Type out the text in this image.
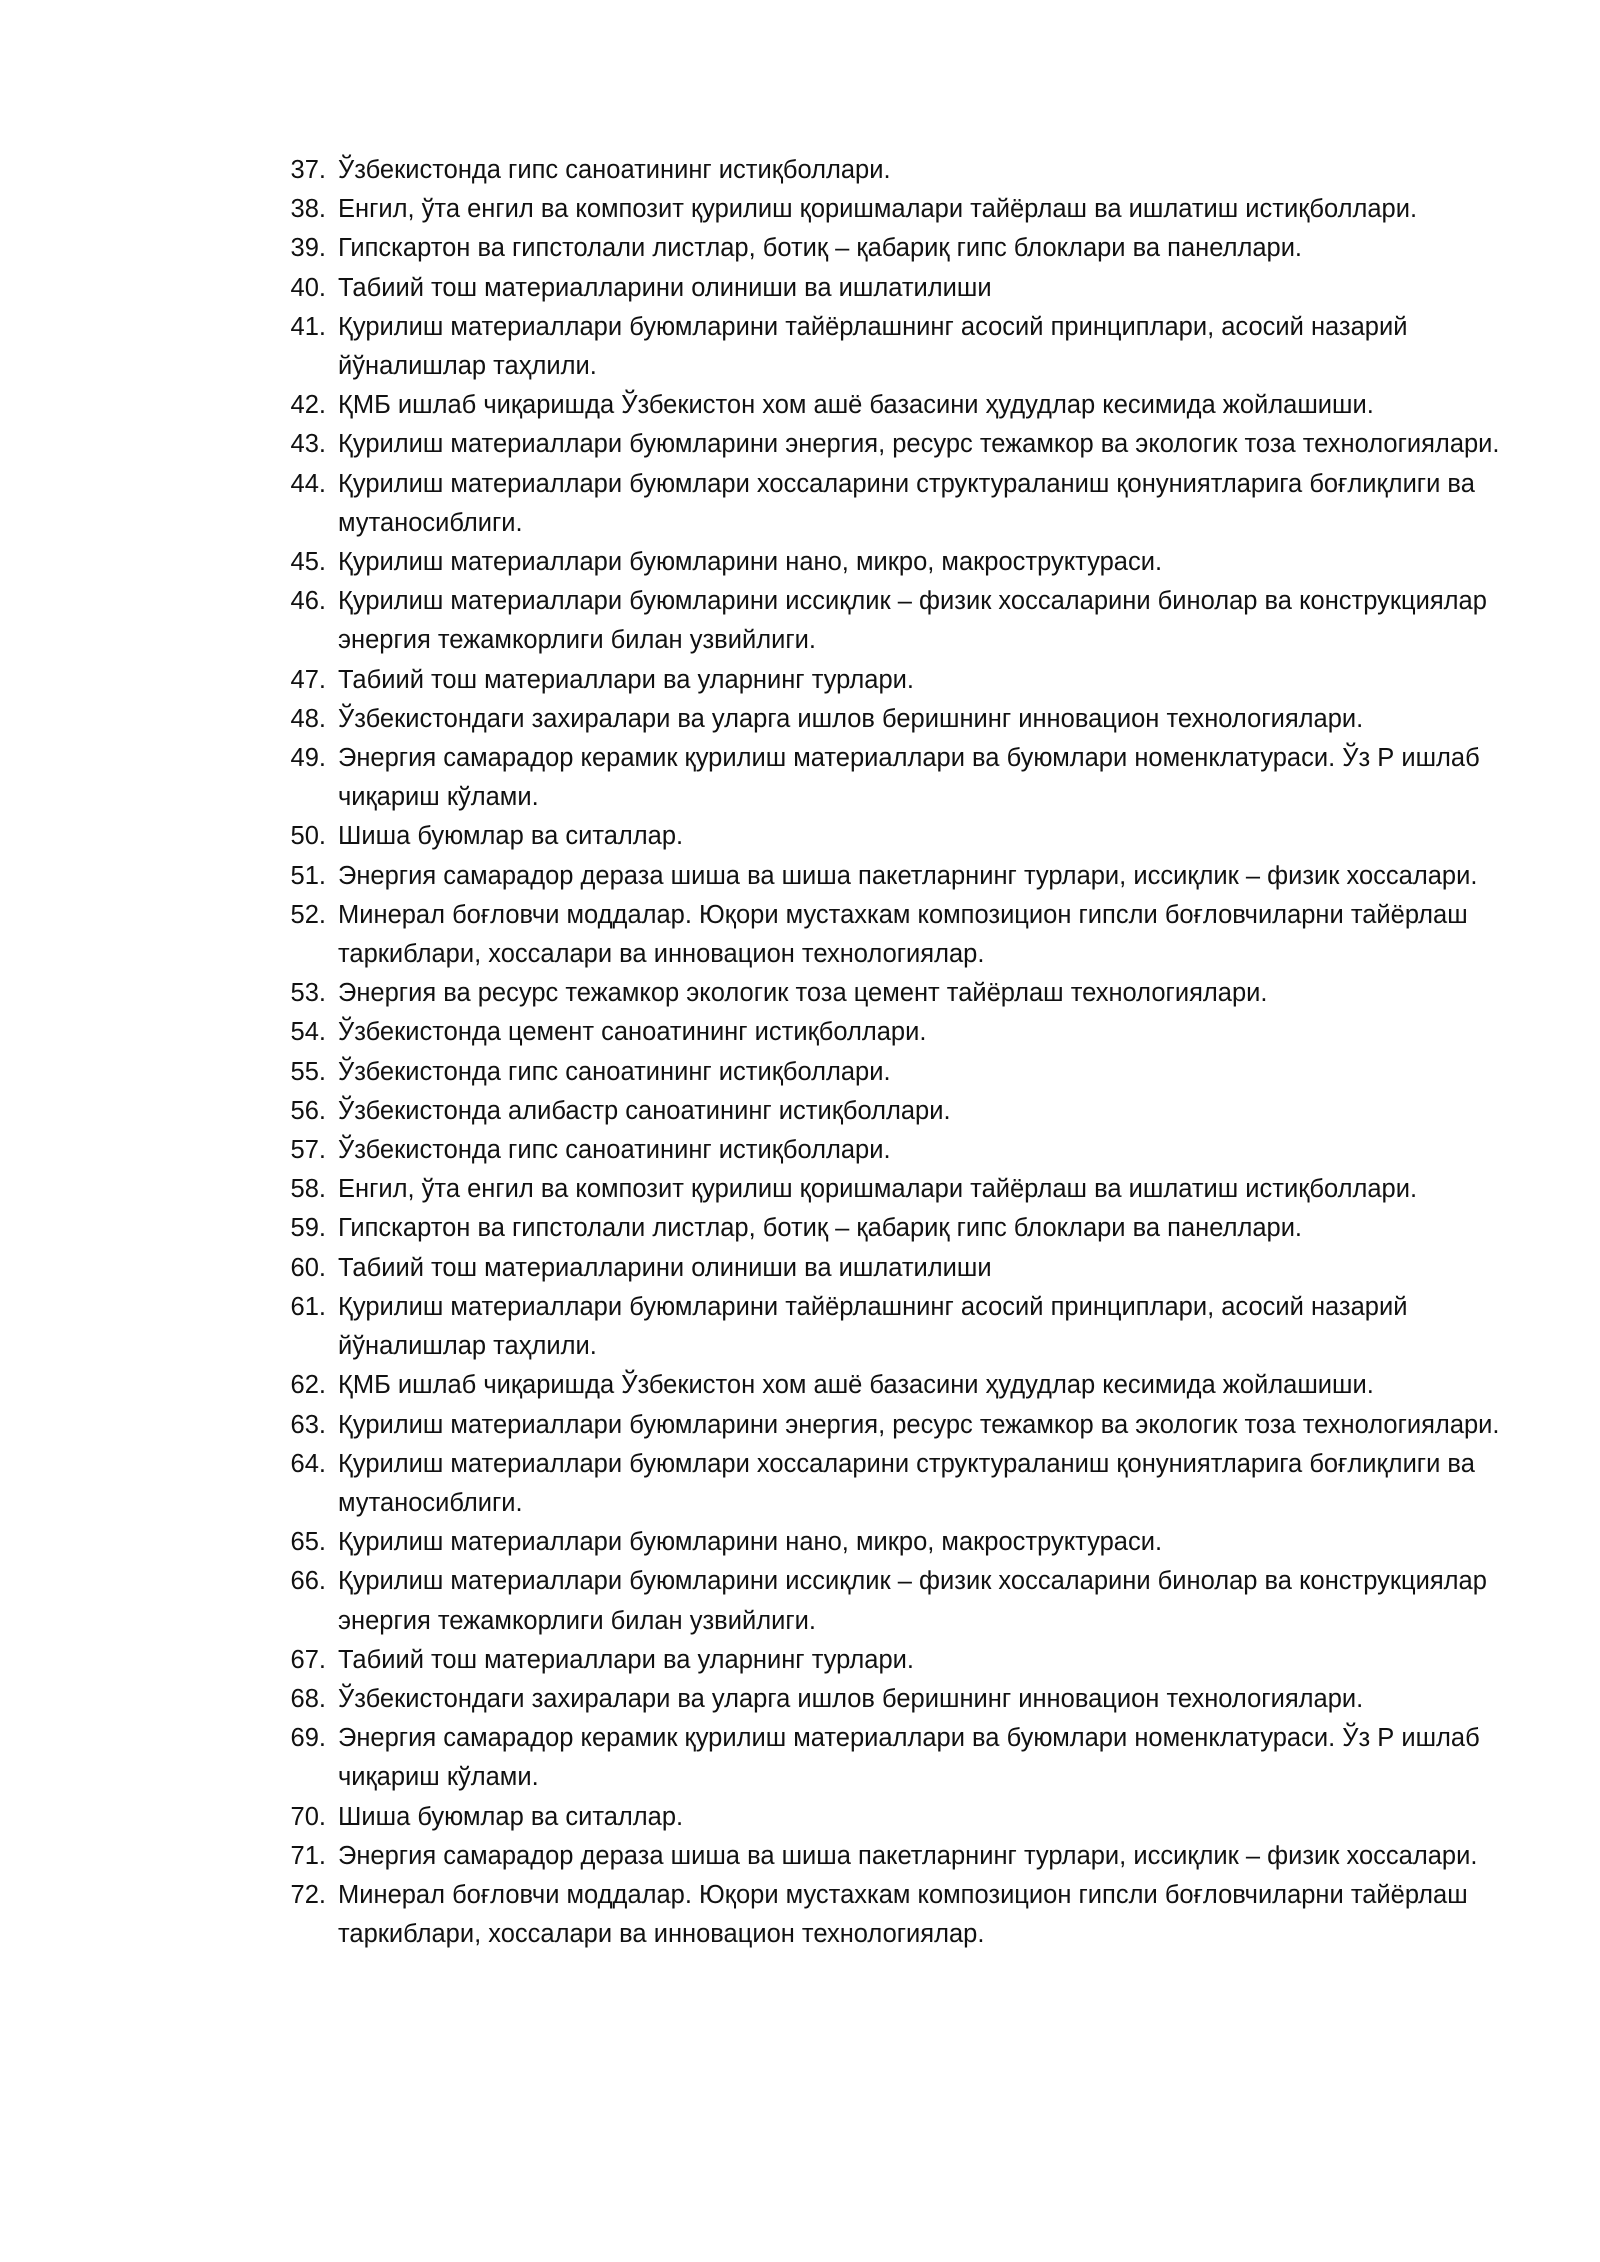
37. Ўзбекистонда гипс саноатининг истиқболлари.
38. Енгил, ўта енгил ва композит қурилиш қоришмалари тайёрлаш ва ишлатиш истиқболлари.
39. Гипскартон ва гипстолали листлар, ботиқ – қабариқ гипс блоклари ва панеллари.
40. Табиий тош материалларини олиниши ва ишлатилиши
41. Қурилиш материаллари буюмларини тайёрлашнинг асосий принциплари, асосий назарий йўналишлар таҳлили.
42. ҚМБ ишлаб чиқаришда Ўзбекистон хом ашё базасини ҳудудлар кесимида жойлашиши.
43. Қурилиш материаллари буюмларини энергия, ресурс тежамкор ва экологик тоза технологиялари.
44. Қурилиш материаллари буюмлари хоссаларини структураланиш қонуниятларига боғлиқлиги ва мутаносиблиги.
45. Қурилиш материаллари буюмларини нано, микро, макроструктураси.
46. Қурилиш материаллари буюмларини иссиқлик – физик хоссаларини бинолар ва конструкциялар энергия тежамкорлиги билан узвийлиги.
47. Табиий тош материаллари ва уларнинг турлари.
48. Ўзбекистондаги захиралари ва уларга ишлов беришнинг инновацион технологиялари.
49. Энергия самарадор керамик қурилиш материаллари ва буюмлари номенклатураси. Ўз Р ишлаб чиқариш кўлами.
50. Шиша буюмлар ва ситаллар.
51. Энергия самарадор дераза шиша ва шиша пакетларнинг турлари, иссиқлик – физик хоссалари.
52. Минерал боғловчи моддалар. Юқори мустахкам композицион гипсли боғловчиларни тайёрлаш таркиблари, хоссалари ва инновацион технологиялар.
53. Энергия ва ресурс тежамкор экологик тоза цемент тайёрлаш технологиялари.
54. Ўзбекистонда цемент саноатининг истиқболлари.
55. Ўзбекистонда гипс саноатининг истиқболлари.
56. Ўзбекистонда алибастр саноатининг истиқболлари.
57. Ўзбекистонда гипс саноатининг истиқболлари.
58. Енгил, ўта енгил ва композит қурилиш қоришмалари тайёрлаш ва ишлатиш истиқболлари.
59. Гипскартон ва гипстолали листлар, ботиқ – қабариқ гипс блоклари ва панеллари.
60. Табиий тош материалларини олиниши ва ишлатилиши
61. Қурилиш материаллари буюмларини тайёрлашнинг асосий принциплари, асосий назарий йўналишлар таҳлили.
62. ҚМБ ишлаб чиқаришда Ўзбекистон хом ашё базасини ҳудудлар кесимида жойлашиши.
63. Қурилиш материаллари буюмларини энергия, ресурс тежамкор ва экологик тоза технологиялари.
64. Қурилиш материаллари буюмлари хоссаларини структураланиш қонуниятларига боғлиқлиги ва мутаносиблиги.
65. Қурилиш материаллари буюмларини нано, микро, макроструктураси.
66. Қурилиш материаллари буюмларини иссиқлик – физик хоссаларини бинолар ва конструкциялар энергия тежамкорлиги билан узвийлиги.
67. Табиий тош материаллари ва уларнинг турлари.
68. Ўзбекистондаги захиралари ва уларга ишлов беришнинг инновацион технологиялари.
69. Энергия самарадор керамик қурилиш материаллари ва буюмлари номенклатураси. Ўз Р ишлаб чиқариш кўлами.
70. Шиша буюмлар ва ситаллар.
71. Энергия самарадор дераза шиша ва шиша пакетларнинг турлари, иссиқлик – физик хоссалари.
72. Минерал боғловчи моддалар. Юқори мустахкам композицион гипсли боғловчиларни тайёрлаш таркиблари, хоссалари ва инновацион технологиялар.
